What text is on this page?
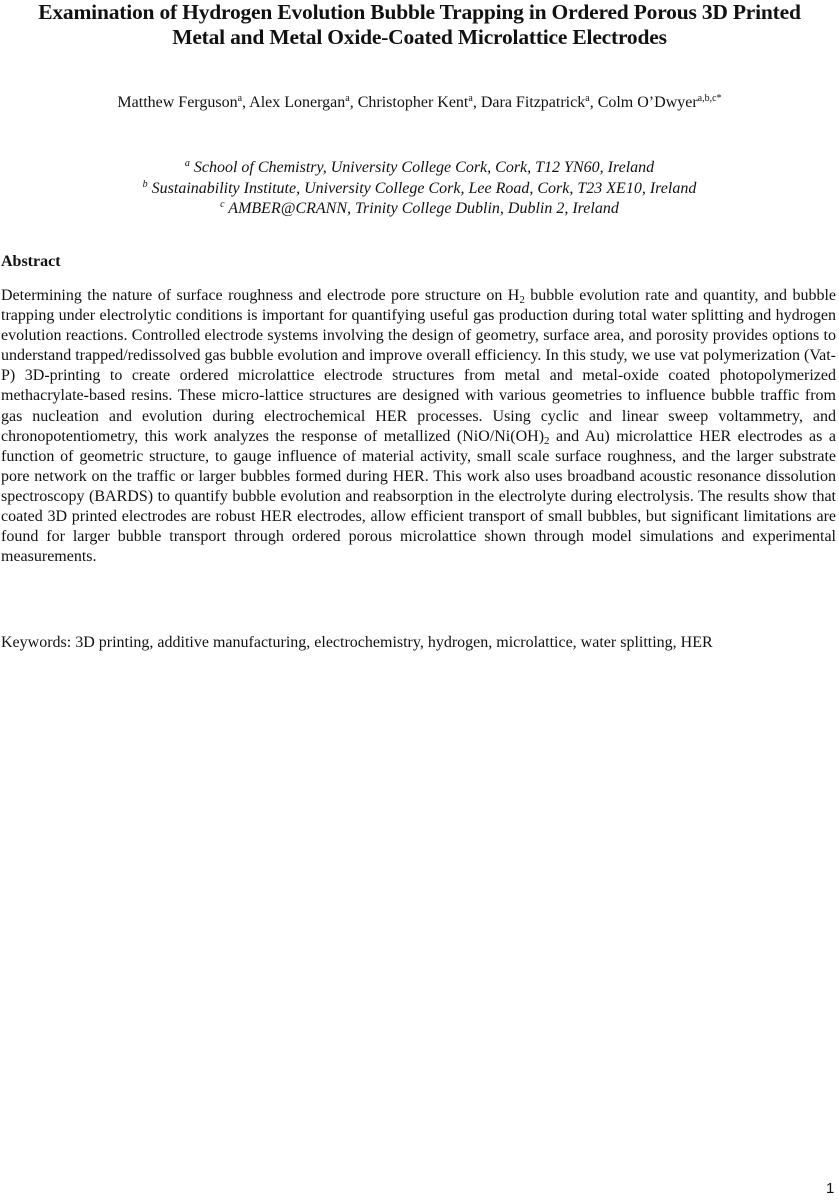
Examination of Hydrogen Evolution Bubble Trapping in Ordered Porous 3D Printed
Metal and Metal Oxide-Coated Microlattice Electrodes
Matthew Ferguson$^a$, Alex Lonergan$^a$, Christopher Kent$^a$, Dara Fitzpatrick$^a$, Colm O’Dwyer$^{a,b,c*}$
$^a$ School of Chemistry, University College Cork, Cork, T12 YN60, Ireland
$^b$ Sustainability Institute, University College Cork, Lee Road, Cork, T23 XE10, Ireland
$^c$ AMBER@CRANN, Trinity College Dublin, Dublin 2, Ireland
Abstract
Determining the nature of surface roughness and electrode pore structure on $H_2$ bubble evolution rate and quantity, and bubble trapping under electrolytic conditions is important for quantifying useful gas production during total water splitting and hydrogen evolution reactions. Controlled electrode systems involving the design of geometry, surface area, and porosity provides options to understand trapped/redissolved gas bubble evolution and improve overall efficiency. In this study, we use vat polymerization (Vat-P) 3D-printing to create ordered microlattice electrode structures from metal and metal-oxide coated photopolymerized methacrylate-based resins. These micro-lattice structures are designed with various geometries to influence bubble traffic from gas nucleation and evolution during electrochemical HER processes. Using cyclic and linear sweep voltammetry, and chronopotentiometry, this work analyzes the response of metallized ($NiO/Ni(OH)_2$ and Au) microlattice HER electrodes as a function of geometric structure, to gauge influence of material activity, small scale surface roughness, and the larger substrate pore network on the traffic or larger bubbles formed during HER. This work also uses broadband acoustic resonance dissolution spectroscopy (BARDS) to quantify bubble evolution and reabsorption in the electrolyte during electrolysis. The results show that coated 3D printed electrodes are robust HER electrodes, allow efficient transport of small bubbles, but significant limitations are found for larger bubble transport through ordered porous microlattice shown through model simulations and experimental measurements.
Keywords: 3D printing, additive manufacturing, electrochemistry, hydrogen, microlattice, water splitting, HER
1
